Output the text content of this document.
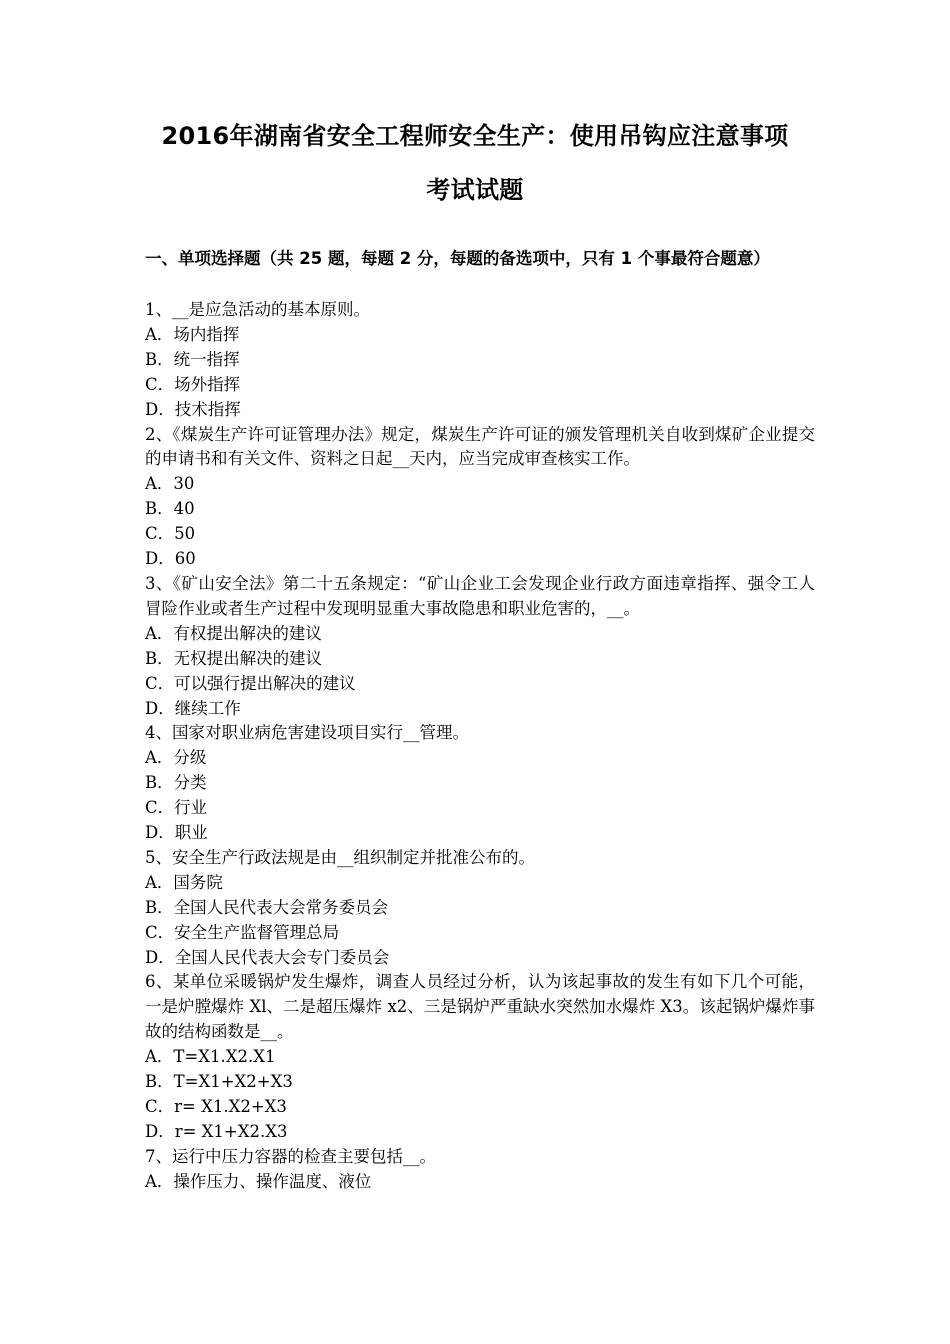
2016年湖南省安全工程师安全生产：使用吊钩应注意事项
考试试题
一、单项选择题（共 25 题，每题 2 分，每题的备选项中，只有 1 个事最符合题意）
1、__是应急活动的基本原则。
A．场内指挥
B．统一指挥
C．场外指挥
D．技术指挥
2、《煤炭生产许可证管理办法》规定，煤炭生产许可证的颁发管理机关自收到煤矿企业提交的申请书和有关文件、资料之日起__天内，应当完成审查核实工作。
A．30
B．40
C．50
D．60
3、《矿山安全法》第二十五条规定：“矿山企业工会发现企业行政方面违章指挥、强令工人冒险作业或者生产过程中发现明显重大事故隐患和职业危害的，__。
A．有权提出解决的建议
B．无权提出解决的建议
C．可以强行提出解决的建议
D．继续工作
4、国家对职业病危害建设项目实行__管理。
A．分级
B．分类
C．行业
D．职业
5、安全生产行政法规是由__组织制定并批准公布的。
A．国务院
B．全国人民代表大会常务委员会
C．安全生产监督管理总局
D．全国人民代表大会专门委员会
6、某单位采暖锅炉发生爆炸，调查人员经过分析，认为该起事故的发生有如下几个可能，一是炉膛爆炸 Xl、二是超压爆炸 x2、三是锅炉严重缺水突然加水爆炸 X3。该起锅炉爆炸事故的结构函数是__。
A．T=X1.X2.X1
B．T=X1+X2+X3
C．r= X1.X2+X3
D．r= X1+X2.X3
7、运行中压力容器的检查主要包括__。
A．操作压力、操作温度、液位
